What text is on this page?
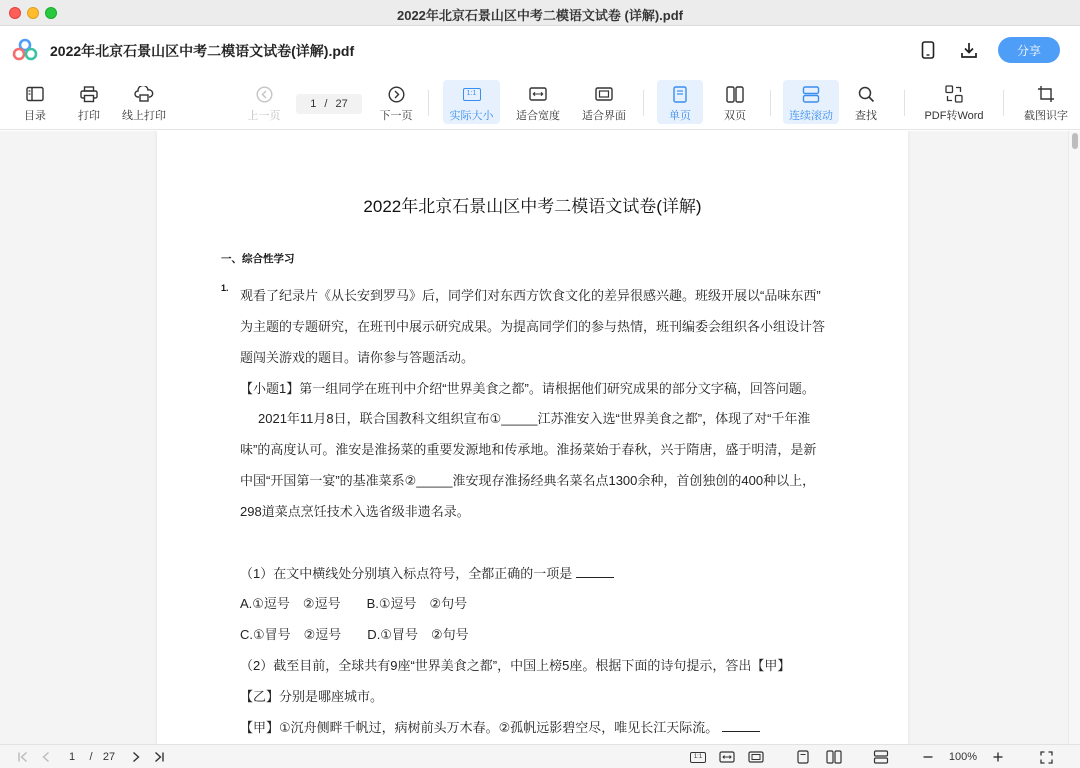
2022年北京石景山区中考二模语文试卷 (详解).pdf
2022年北京石景山区中考二模语文试卷(详解).pdf	分享
目录	打印 线上打印	上一页
1 / 27
下一页
1:1
实际大小 适合宽度 适合界面	单页	双页	连续滚动 查找	PDF转Word	截图识字
2022年北京石景山区中考二模语文试卷(详解)
一、综合性学习
1. 观看了纪录片《从长安到罗马》后，同学们对东西方饮食文化的差异很感兴趣。班级开展以“品味东西”
为主题的专题研究，在班刊中展示研究成果。为提高同学们的参与热情，班刊编委会组织各小组设计答
题闯关游戏的题目。请你参与答题活动。
【小题1】第一组同学在班刊中介绍“世界美食之都”。请根据他们研究成果的部分文字稿，回答问题。
2021年11月8日，联合国教科文组织宣布①_____江苏淮安入选“世界美食之都”，体现了对“千年淮
味”的高度认可。淮安是淮扬菜的重要发源地和传承地。淮扬菜始于春秋，兴于隋唐，盛于明清，是新
中国“开国第一宴”的基准菜系②_____淮安现存淮扬经典名菜名点1300余种，首创独创的400种以上，
298道菜点烹饪技术入选省级非遗名录。
（1）在文中横线处分别填入标点符号，全都正确的一项是
A.①逗号　②逗号　　B.①逗号　②句号
C.①冒号　②逗号　　D.①冒号　②句号
（2）截至目前，全球共有9座“世界美食之都”，中国上榜5座。根据下面的诗句提示，答出【甲】
【乙】分别是哪座城市。
【甲】①沉舟侧畔千帆过，病树前头万木春。②孤帆远影碧空尽，唯见长江天际流。
1	/ 27	1:1	100%
